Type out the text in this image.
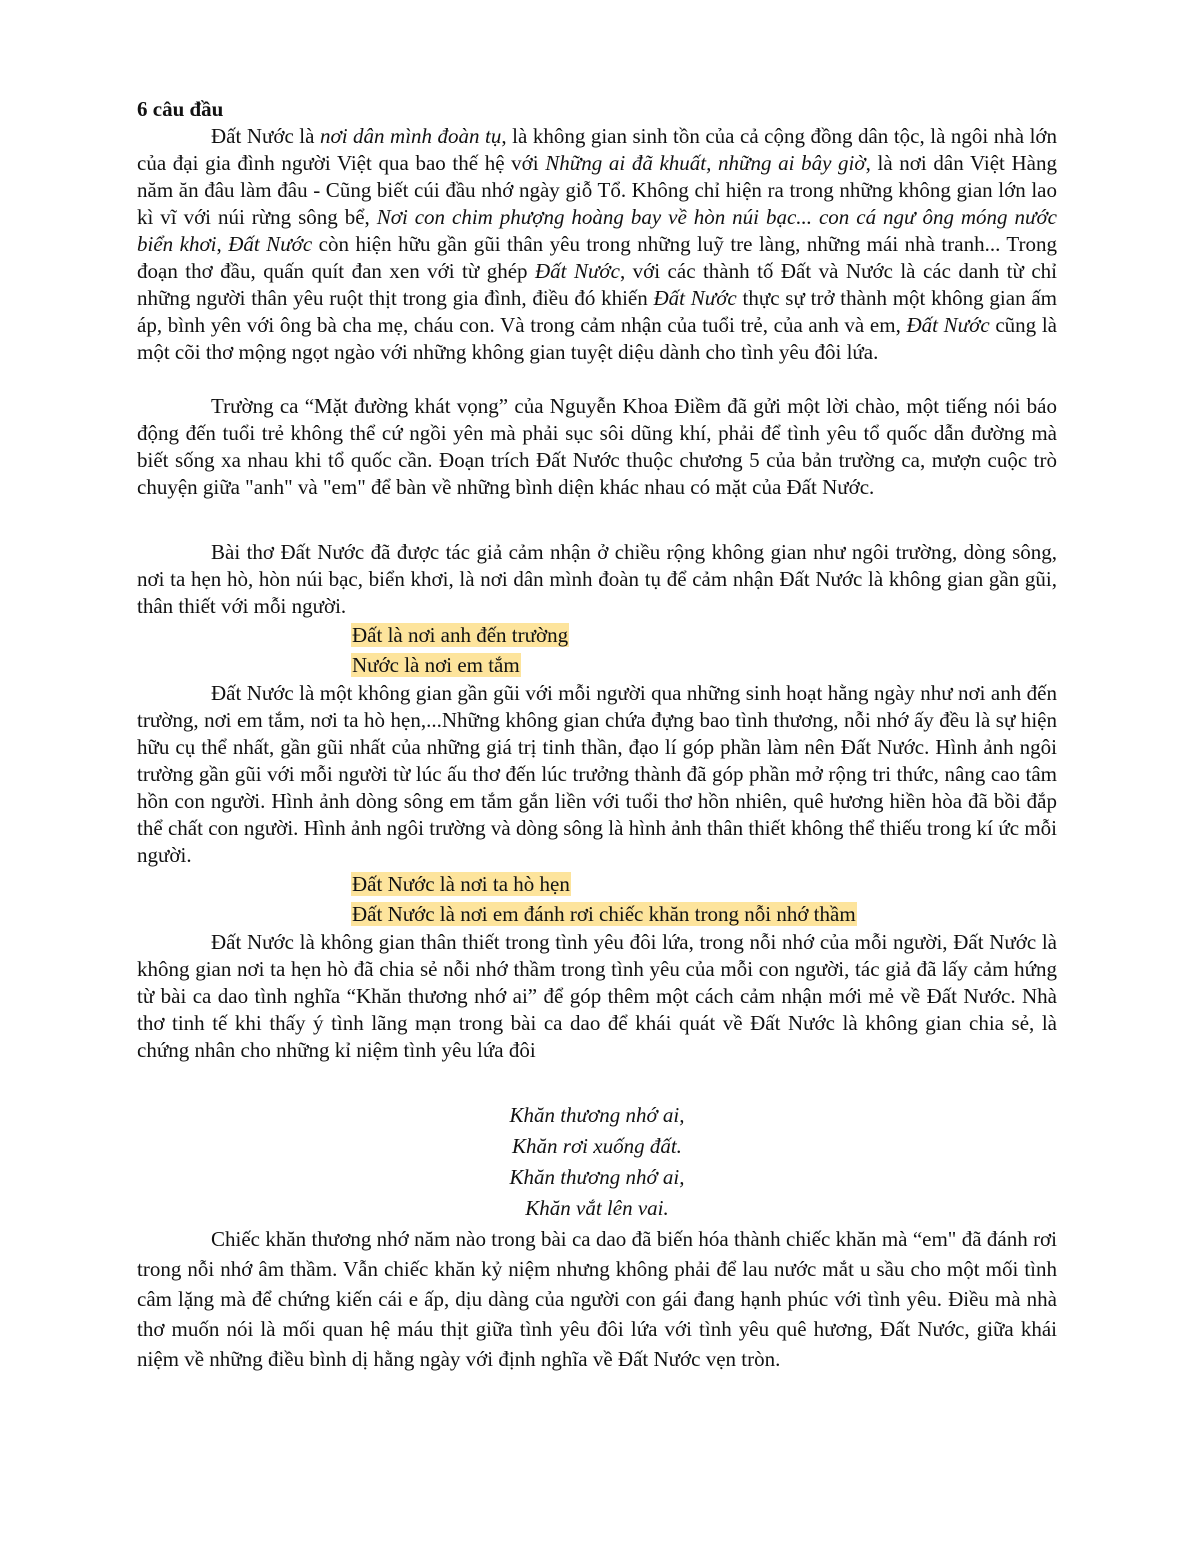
6 câu đầu

Đất Nước là nơi dân mình đoàn tụ, là không gian sinh tồn của cả cộng đồng dân tộc, là ngôi nhà lớn của đại gia đình người Việt qua bao thế hệ với Những ai đã khuất, những ai bây giờ, là nơi dân Việt Hàng năm ăn đâu làm đâu - Cũng biết cúi đầu nhớ ngày giỗ Tổ. Không chỉ hiện ra trong những không gian lớn lao kì vĩ với núi rừng sông bể, Nơi con chim phượng hoàng bay về hòn núi bạc... con cá ngư ông móng nước biển khơi, Đất Nước còn hiện hữu gần gũi thân yêu trong những luỹ tre làng, những mái nhà tranh... Trong đoạn thơ đầu, quấn quít đan xen với từ ghép Đất Nước, với các thành tố Đất và Nước là các danh từ chỉ những người thân yêu ruột thịt trong gia đình, điều đó khiến Đất Nước thực sự trở thành một không gian ấm áp, bình yên với ông bà cha mẹ, cháu con. Và trong cảm nhận của tuổi trẻ, của anh và em, Đất Nước cũng là một cõi thơ mộng ngọt ngào với những không gian tuyệt diệu dành cho tình yêu đôi lứa.

Trường ca “Mặt đường khát vọng” của Nguyễn Khoa Điềm đã gửi một lời chào, một tiếng nói báo động đến tuổi trẻ không thể cứ ngồi yên mà phải sục sôi dũng khí, phải để tình yêu tổ quốc dẫn đường mà biết sống xa nhau khi tổ quốc cần. Đoạn trích Đất Nước thuộc chương 5 của bản trường ca, mượn cuộc trò chuyện giữa "anh" và "em" để bàn về những bình diện khác nhau có mặt của Đất Nước.

Bài thơ Đất Nước đã được tác giả cảm nhận ở chiều rộng không gian như ngôi trường, dòng sông, nơi ta hẹn hò, hòn núi bạc, biển khơi, là nơi dân mình đoàn tụ để cảm nhận Đất Nước là không gian gần gũi, thân thiết với mỗi người.

Đất là nơi anh đến trường

Nước là nơi em tắm

Đất Nước là một không gian gần gũi với mỗi người qua những sinh hoạt hằng ngày như nơi anh đến trường, nơi em tắm, nơi ta hò hẹn,...Những không gian chứa đựng bao tình thương, nỗi nhớ ấy đều là sự hiện hữu cụ thể nhất, gần gũi nhất của những giá trị tinh thần, đạo lí góp phần làm nên Đất Nước. Hình ảnh ngôi trường gần gũi với mỗi người từ lúc ấu thơ đến lúc trưởng thành đã góp phần mở rộng tri thức, nâng cao tâm hồn con người. Hình ảnh dòng sông em tắm gắn liền với tuổi thơ hồn nhiên, quê hương hiền hòa đã bồi đắp thể chất con người. Hình ảnh ngôi trường và dòng sông là hình ảnh thân thiết không thể thiếu trong kí ức mỗi người.

Đất Nước là nơi ta hò hẹn

Đất Nước là nơi em đánh rơi chiếc khăn trong nỗi nhớ thầm

Đất Nước là không gian thân thiết trong tình yêu đôi lứa, trong nỗi nhớ của mỗi người, Đất Nước là không gian nơi ta hẹn hò đã chia sẻ nỗi nhớ thầm trong tình yêu của mỗi con người, tác giả đã lấy cảm hứng từ bài ca dao tình nghĩa “Khăn thương nhớ ai” để góp thêm một cách cảm nhận mới mẻ về Đất Nước. Nhà thơ tinh tế khi thấy ý tình lãng mạn trong bài ca dao để khái quát về Đất Nước là không gian chia sẻ, là chứng nhân cho những kỉ niệm tình yêu lứa đôi

Khăn thương nhớ ai,

Khăn rơi xuống đất.

Khăn thương nhớ ai,

Khăn vắt lên vai.

Chiếc khăn thương nhớ năm nào trong bài ca dao đã biến hóa thành chiếc khăn mà “em" đã đánh rơi trong nỗi nhớ âm thầm. Vẫn chiếc khăn kỷ niệm nhưng không phải để lau nước mắt u sầu cho một mối tình câm lặng mà để chứng kiến cái e ấp, dịu dàng của người con gái đang hạnh phúc với tình yêu. Điều mà nhà thơ muốn nói là mối quan hệ máu thịt giữa tình yêu đôi lứa với tình yêu quê hương, Đất Nước, giữa khái niệm về những điều bình dị hằng ngày với định nghĩa về Đất Nước vẹn tròn.
